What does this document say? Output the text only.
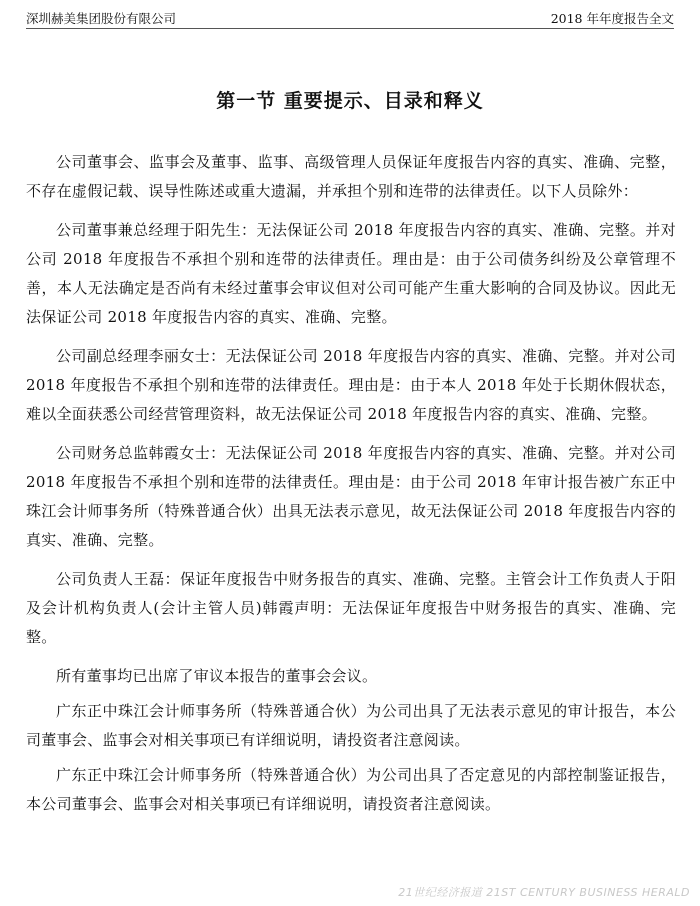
深圳赫美集团股份有限公司	2018 年年度报告全文
第一节 重要提示、目录和释义

公司董事会、监事会及董事、监事、高级管理人员保证年度报告内容的真实、准确、完整，不存在虚假记载、误导性陈述或重大遗漏，并承担个别和连带的法律责任。以下人员除外：

公司董事兼总经理于阳先生：无法保证公司 2018 年度报告内容的真实、准确、完整。并对公司 2018 年度报告不承担个别和连带的法律责任。理由是：由于公司债务纠纷及公章管理不善，本人无法确定是否尚有未经过董事会审议但对公司可能产生重大影响的合同及协议。因此无法保证公司 2018 年度报告内容的真实、准确、完整。

公司副总经理李丽女士：无法保证公司 2018 年度报告内容的真实、准确、完整。并对公司 2018 年度报告不承担个别和连带的法律责任。理由是：由于本人 2018 年处于长期休假状态，难以全面获悉公司经营管理资料，故无法保证公司 2018 年度报告内容的真实、准确、完整。

公司财务总监韩霞女士：无法保证公司 2018 年度报告内容的真实、准确、完整。并对公司 2018 年度报告不承担个别和连带的法律责任。理由是：由于公司 2018 年审计报告被广东正中珠江会计师事务所（特殊普通合伙）出具无法表示意见，故无法保证公司 2018 年度报告内容的真实、准确、完整。

公司负责人王磊：保证年度报告中财务报告的真实、准确、完整。主管会计工作负责人于阳 及会计机构负责人(会计主管人员)韩霞声明：无法保证年度报告中财务报告的真实、准确、完整。

所有董事均已出席了审议本报告的董事会会议。

广东正中珠江会计师事务所（特殊普通合伙）为公司出具了无法表示意见的审计报告，本公司董事会、监事会对相关事项已有详细说明，请投资者注意阅读。

广东正中珠江会计师事务所（特殊普通合伙）为公司出具了否定意见的内部控制鉴证报告，本公司董事会、监事会对相关事项已有详细说明，请投资者注意阅读。

21世纪经济报道 21ST CENTURY BUSINESS HERALD
